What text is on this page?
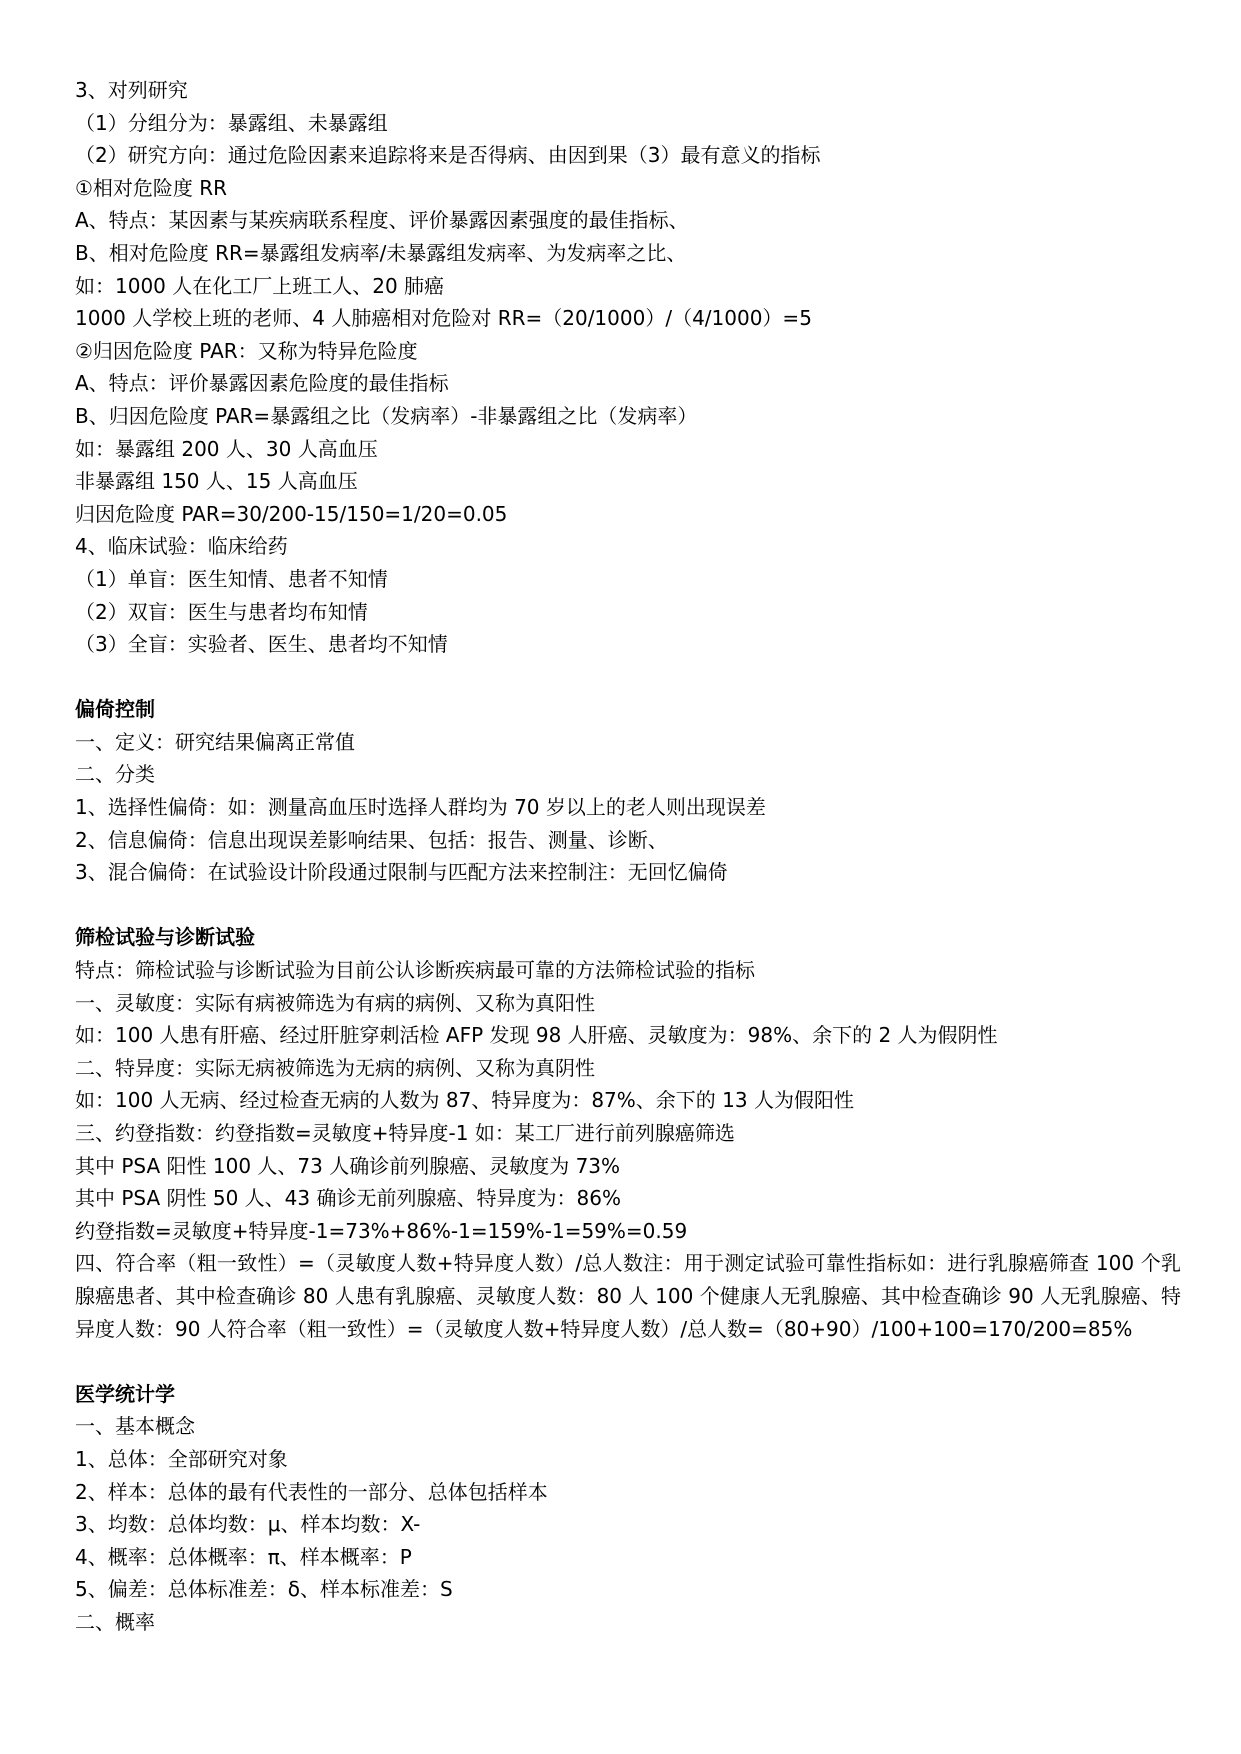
3、对列研究
（1）分组分为：暴露组、未暴露组
（2）研究方向：通过危险因素来追踪将来是否得病、由因到果（3）最有意义的指标
①相对危险度 RR
A、特点：某因素与某疾病联系程度、评价暴露因素强度的最佳指标、
B、相对危险度 RR=暴露组发病率/未暴露组发病率、为发病率之比、
如：1000 人在化工厂上班工人、20 肺癌
1000 人学校上班的老师、4 人肺癌相对危险对 RR=（20/1000）/（4/1000）=5
②归因危险度 PAR：又称为特异危险度
A、特点：评价暴露因素危险度的最佳指标
B、归因危险度 PAR=暴露组之比（发病率）-非暴露组之比（发病率）
如：暴露组 200 人、30 人高血压
非暴露组 150 人、15 人高血压
归因危险度 PAR=30/200-15/150=1/20=0.05
4、临床试验：临床给药
（1）单盲：医生知情、患者不知情
（2）双盲：医生与患者均布知情
（3）全盲：实验者、医生、患者均不知情
偏倚控制
一、定义：研究结果偏离正常值
二、分类
1、选择性偏倚：如：测量高血压时选择人群均为 70 岁以上的老人则出现误差
2、信息偏倚：信息出现误差影响结果、包括：报告、测量、诊断、
3、混合偏倚：在试验设计阶段通过限制与匹配方法来控制注：无回忆偏倚
筛检试验与诊断试验
特点：筛检试验与诊断试验为目前公认诊断疾病最可靠的方法筛检试验的指标
一、灵敏度：实际有病被筛选为有病的病例、又称为真阳性
如：100 人患有肝癌、经过肝脏穿刺活检 AFP 发现 98 人肝癌、灵敏度为：98%、余下的 2 人为假阴性
二、特异度：实际无病被筛选为无病的病例、又称为真阴性
如：100 人无病、经过检查无病的人数为 87、特异度为：87%、余下的 13 人为假阳性
三、约登指数：约登指数=灵敏度+特异度-1 如：某工厂进行前列腺癌筛选
其中 PSA 阳性 100 人、73 人确诊前列腺癌、灵敏度为 73%
其中 PSA 阴性 50 人、43 确诊无前列腺癌、特异度为：86%
约登指数=灵敏度+特异度-1=73%+86%-1=159%-1=59%=0.59
四、符合率（粗一致性）=（灵敏度人数+特异度人数）/总人数注：用于测定试验可靠性指标如：进行乳腺癌筛查 100 个乳腺癌患者、其中检查确诊 80 人患有乳腺癌、灵敏度人数：80 人 100 个健康人无乳腺癌、其中检查确诊 90 人无乳腺癌、特异度人数：90 人符合率（粗一致性）=（灵敏度人数+特异度人数）/总人数=（80+90）/100+100=170/200=85%
医学统计学
一、基本概念
1、总体：全部研究对象
2、样本：总体的最有代表性的一部分、总体包括样本
3、均数：总体均数：μ、样本均数：X-
4、概率：总体概率：π、样本概率：P
5、偏差：总体标准差：δ、样本标准差：S
二、概率
